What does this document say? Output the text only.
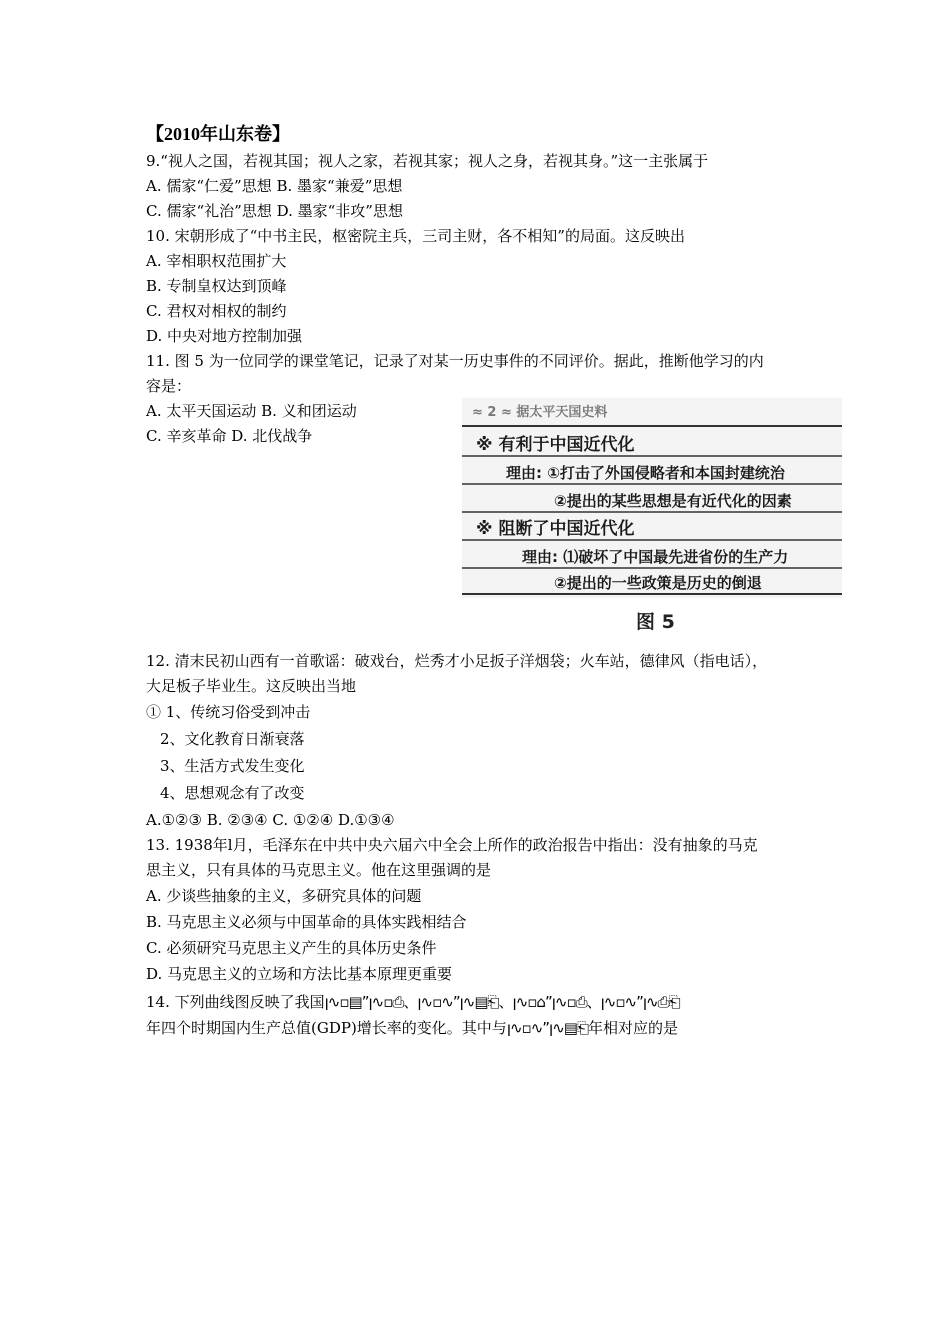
【2010年山东卷】
9.“视人之国，若视其国；视人之家，若视其家；视人之身，若视其身。”这一主张属于
A. 儒家“仁爱”思想 B. 墨家“兼爱”思想
C. 儒家“礼治”思想 D. 墨家“非攻”思想
10. 宋朝形成了“中书主民，枢密院主兵，三司主财，各不相知”的局面。这反映出
A. 宰相职权范围扩大
B. 专制皇权达到顶峰
C. 君权对相权的制约
D. 中央对地方控制加强
11. 图 5 为一位同学的课堂笔记，记录了对某一历史事件的不同评价。据此，推断他学习的内
容是：
A. 太平天国运动 B. 义和团运动
C. 辛亥革命 D. 北伐战争
≈ 2 ≈ 据太平天国史料
※ 有利于中国近代化
理由: ①打击了外国侵略者和本国封建统治
②提出的某些思想是有近代化的因素
※ 阻断了中国近代化
理由: ⑴破坏了中国最先进省份的生产力
②提出的一些政策是历史的倒退
图 5
12. 清末民初山西有一首歌谣：破戏台，烂秀才小足扳子洋烟袋；火车站，德律风（指电话），
大足板子毕业生。这反映出当地
① 1、传统习俗受到冲击
2、文化教育日渐衰落
3、生活方式发生变化
4、思想观念有了改变
A.①②③ B. ②③④ C. ①②④ D.①③④
13. 1938年l月，毛泽东在中共中央六届六中全会上所作的政治报告中指出：没有抽象的马克
思主义，只有具体的马克思主义。他在这里强调的是
A. 少谈些抽象的主义，多研究具体的问题
B. 马克思主义必须与中国革命的具体实践相结合
C. 必须研究马克思主义产生的具体历史条件
D. 马克思主义的立场和方法比基本原理更重要
14. 下列曲线图反映了我国ꞁ∿▫▤”ꞁ∿▫⎙、ꞁ∿▫∿”ꞁ∿▤⎗、ꞁ∿▫⌂”ꞁ∿▫⎙、ꞁ∿▫∿”ꞁ∿⎙⎗
年四个时期国内生产总值(GDP)增长率的变化。其中与ꞁ∿▫∿”ꞁ∿▤⎗年相对应的是
